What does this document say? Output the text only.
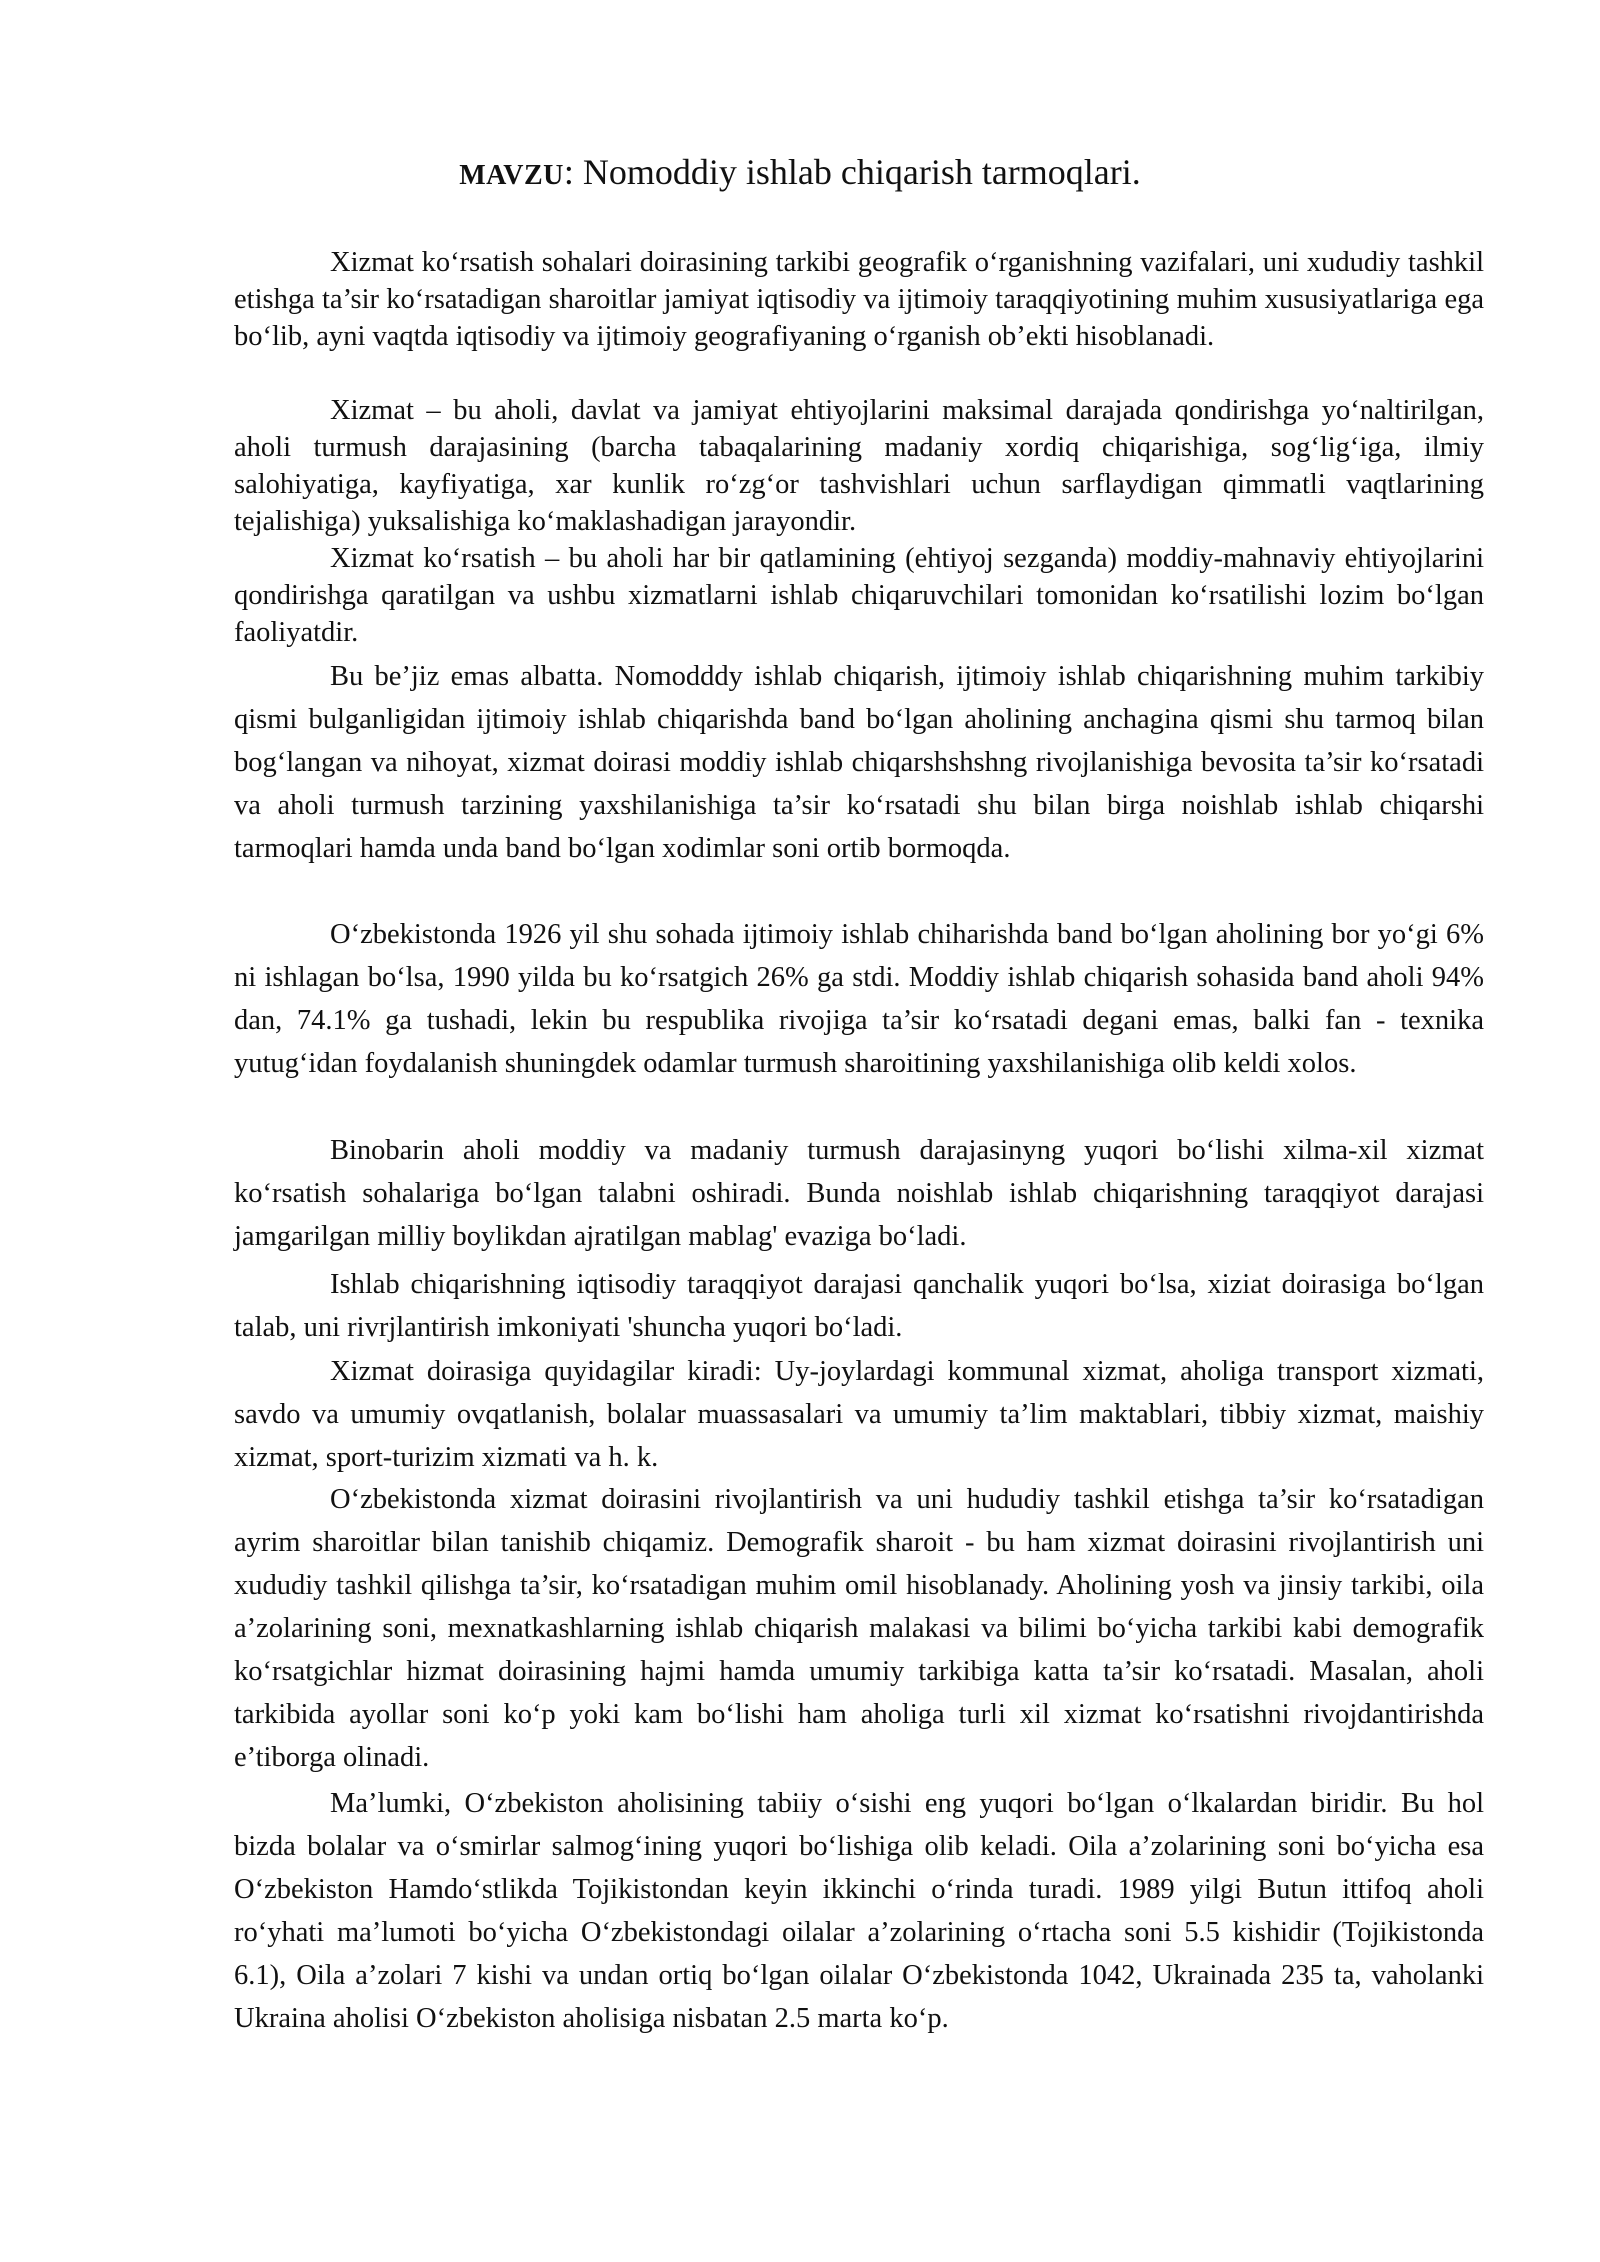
MAVZU: Nomoddiy ishlab chiqarish tarmoqlari.

Xizmat ko‘rsatish sohalari doirasining tarkibi geografik o‘rganishning vazifalari, uni xududiy tashkil etishga ta’sir ko‘rsatadigan sharoitlar jamiyat iqtisodiy va ijtimoiy taraqqiyotining muhim xususiyatlariga ega bo‘lib, ayni vaqtda iqtisodiy va ijtimoiy geografiyaning o‘rganish ob’ekti hisoblanadi.

Xizmat – bu aholi, davlat va jamiyat ehtiyojlarini maksimal darajada qondirishga yo‘naltirilgan, aholi turmush darajasining (barcha tabaqalarining madaniy xordiq chiqarishiga, sog‘lig‘iga, ilmiy salohiyatiga, kayfiyatiga, xar kunlik ro‘zg‘or tashvishlari uchun sarflaydigan qimmatli vaqtlarining tejalishiga) yuksalishiga ko‘maklashadigan jarayondir.

Xizmat ko‘rsatish – bu aholi har bir qatlamining (ehtiyoj sezganda) moddiy-mahnaviy ehtiyojlarini qondirishga qaratilgan va ushbu xizmatlarni ishlab chiqaruvchilari tomonidan ko‘rsatilishi lozim bo‘lgan faoliyatdir.

Bu be’jiz emas albatta. Nomodddy ishlab chiqarish, ijtimoiy ishlab chiqarishning muhim tarkibiy qismi bulganligidan ijtimoiy ishlab chiqarishda band bo‘lgan aholining anchagina qismi shu tarmoq bilan bog‘langan va nihoyat, xizmat doirasi moddiy ishlab chiqarshshshng rivojlanishiga bevosita ta’sir ko‘rsatadi va aholi turmush tarzining yaxshilanishiga ta’sir ko‘rsatadi shu bilan birga noishlab ishlab chiqarshi tarmoqlari hamda unda band bo‘lgan xodimlar soni ortib bormoqda.

O‘zbekistonda 1926 yil shu sohada ijtimoiy ishlab chiharishda band bo‘lgan aholining bor yo‘gi 6% ni ishlagan bo‘lsa, 1990 yilda bu ko‘rsatgich 26% ga stdi. Moddiy ishlab chiqarish sohasida band aholi 94% dan, 74.1% ga tushadi, lekin bu respublika rivojiga ta’sir ko‘rsatadi degani emas, balki fan - texnika yutug‘idan foydalanish shuningdek odamlar turmush sharoitining yaxshilanishiga olib keldi xolos.

Binobarin aholi moddiy va madaniy turmush darajasinyng yuqori bo‘lishi xilma-xil xizmat ko‘rsatish sohalariga bo‘lgan talabni oshiradi. Bunda noishlab ishlab chiqarishning taraqqiyot darajasi jamgarilgan milliy boylikdan ajratilgan mablag' evaziga bo‘ladi.

Ishlab chiqarishning iqtisodiy taraqqiyot darajasi qanchalik yuqori bo‘lsa, xiziat doirasiga bo‘lgan talab, uni rivrjlantirish imkoniyati 'shuncha yuqori bo‘ladi.

Xizmat doirasiga quyidagilar kiradi: Uy-joylardagi kommunal xizmat, aholiga transport xizmati, savdo va umumiy ovqatlanish, bolalar muassasalari va umumiy ta’lim maktablari, tibbiy xizmat, maishiy xizmat, sport-turizim xizmati va h. k.

O‘zbekistonda xizmat doirasini rivojlantirish va uni hududiy tashkil etishga ta’sir ko‘rsatadigan ayrim sharoitlar bilan tanishib chiqamiz. Demografik sharoit - bu ham xizmat doirasini rivojlantirish uni xududiy tashkil qilishga ta’sir, ko‘rsatadigan muhim omil hisoblanady. Aholining yosh va jinsiy tarkibi, oila a’zolarining soni, mexnatkashlarning ishlab chiqarish malakasi va bilimi bo‘yicha tarkibi kabi demografik ko‘rsatgichlar hizmat doirasining hajmi hamda umumiy tarkibiga katta ta’sir ko‘rsatadi. Masalan, aholi tarkibida ayollar soni ko‘p yoki kam bo‘lishi ham aholiga turli xil xizmat ko‘rsatishni rivojdantirishda e’tiborga olinadi.

Ma’lumki, O‘zbekiston aholisining tabiiy o‘sishi eng yuqori bo‘lgan o‘lkalardan biridir. Bu hol bizda bolalar va o‘smirlar salmog‘ining yuqori bo‘lishiga olib keladi. Oila a’zolarining soni bo‘yicha esa O‘zbekiston Hamdo‘stlikda Tojikistondan keyin ikkinchi o‘rinda turadi. 1989 yilgi Butun ittifoq aholi ro‘yhati ma’lumoti bo‘yicha O‘zbekistondagi oilalar a’zolarining o‘rtacha soni 5.5 kishidir (Tojikistonda 6.1), Oila a’zolari 7 kishi va undan ortiq bo‘lgan oilalar O‘zbekistonda 1042, Ukrainada 235 ta, vaholanki Ukraina aholisi O‘zbekiston aholisiga nisbatan 2.5 marta ko‘p.
